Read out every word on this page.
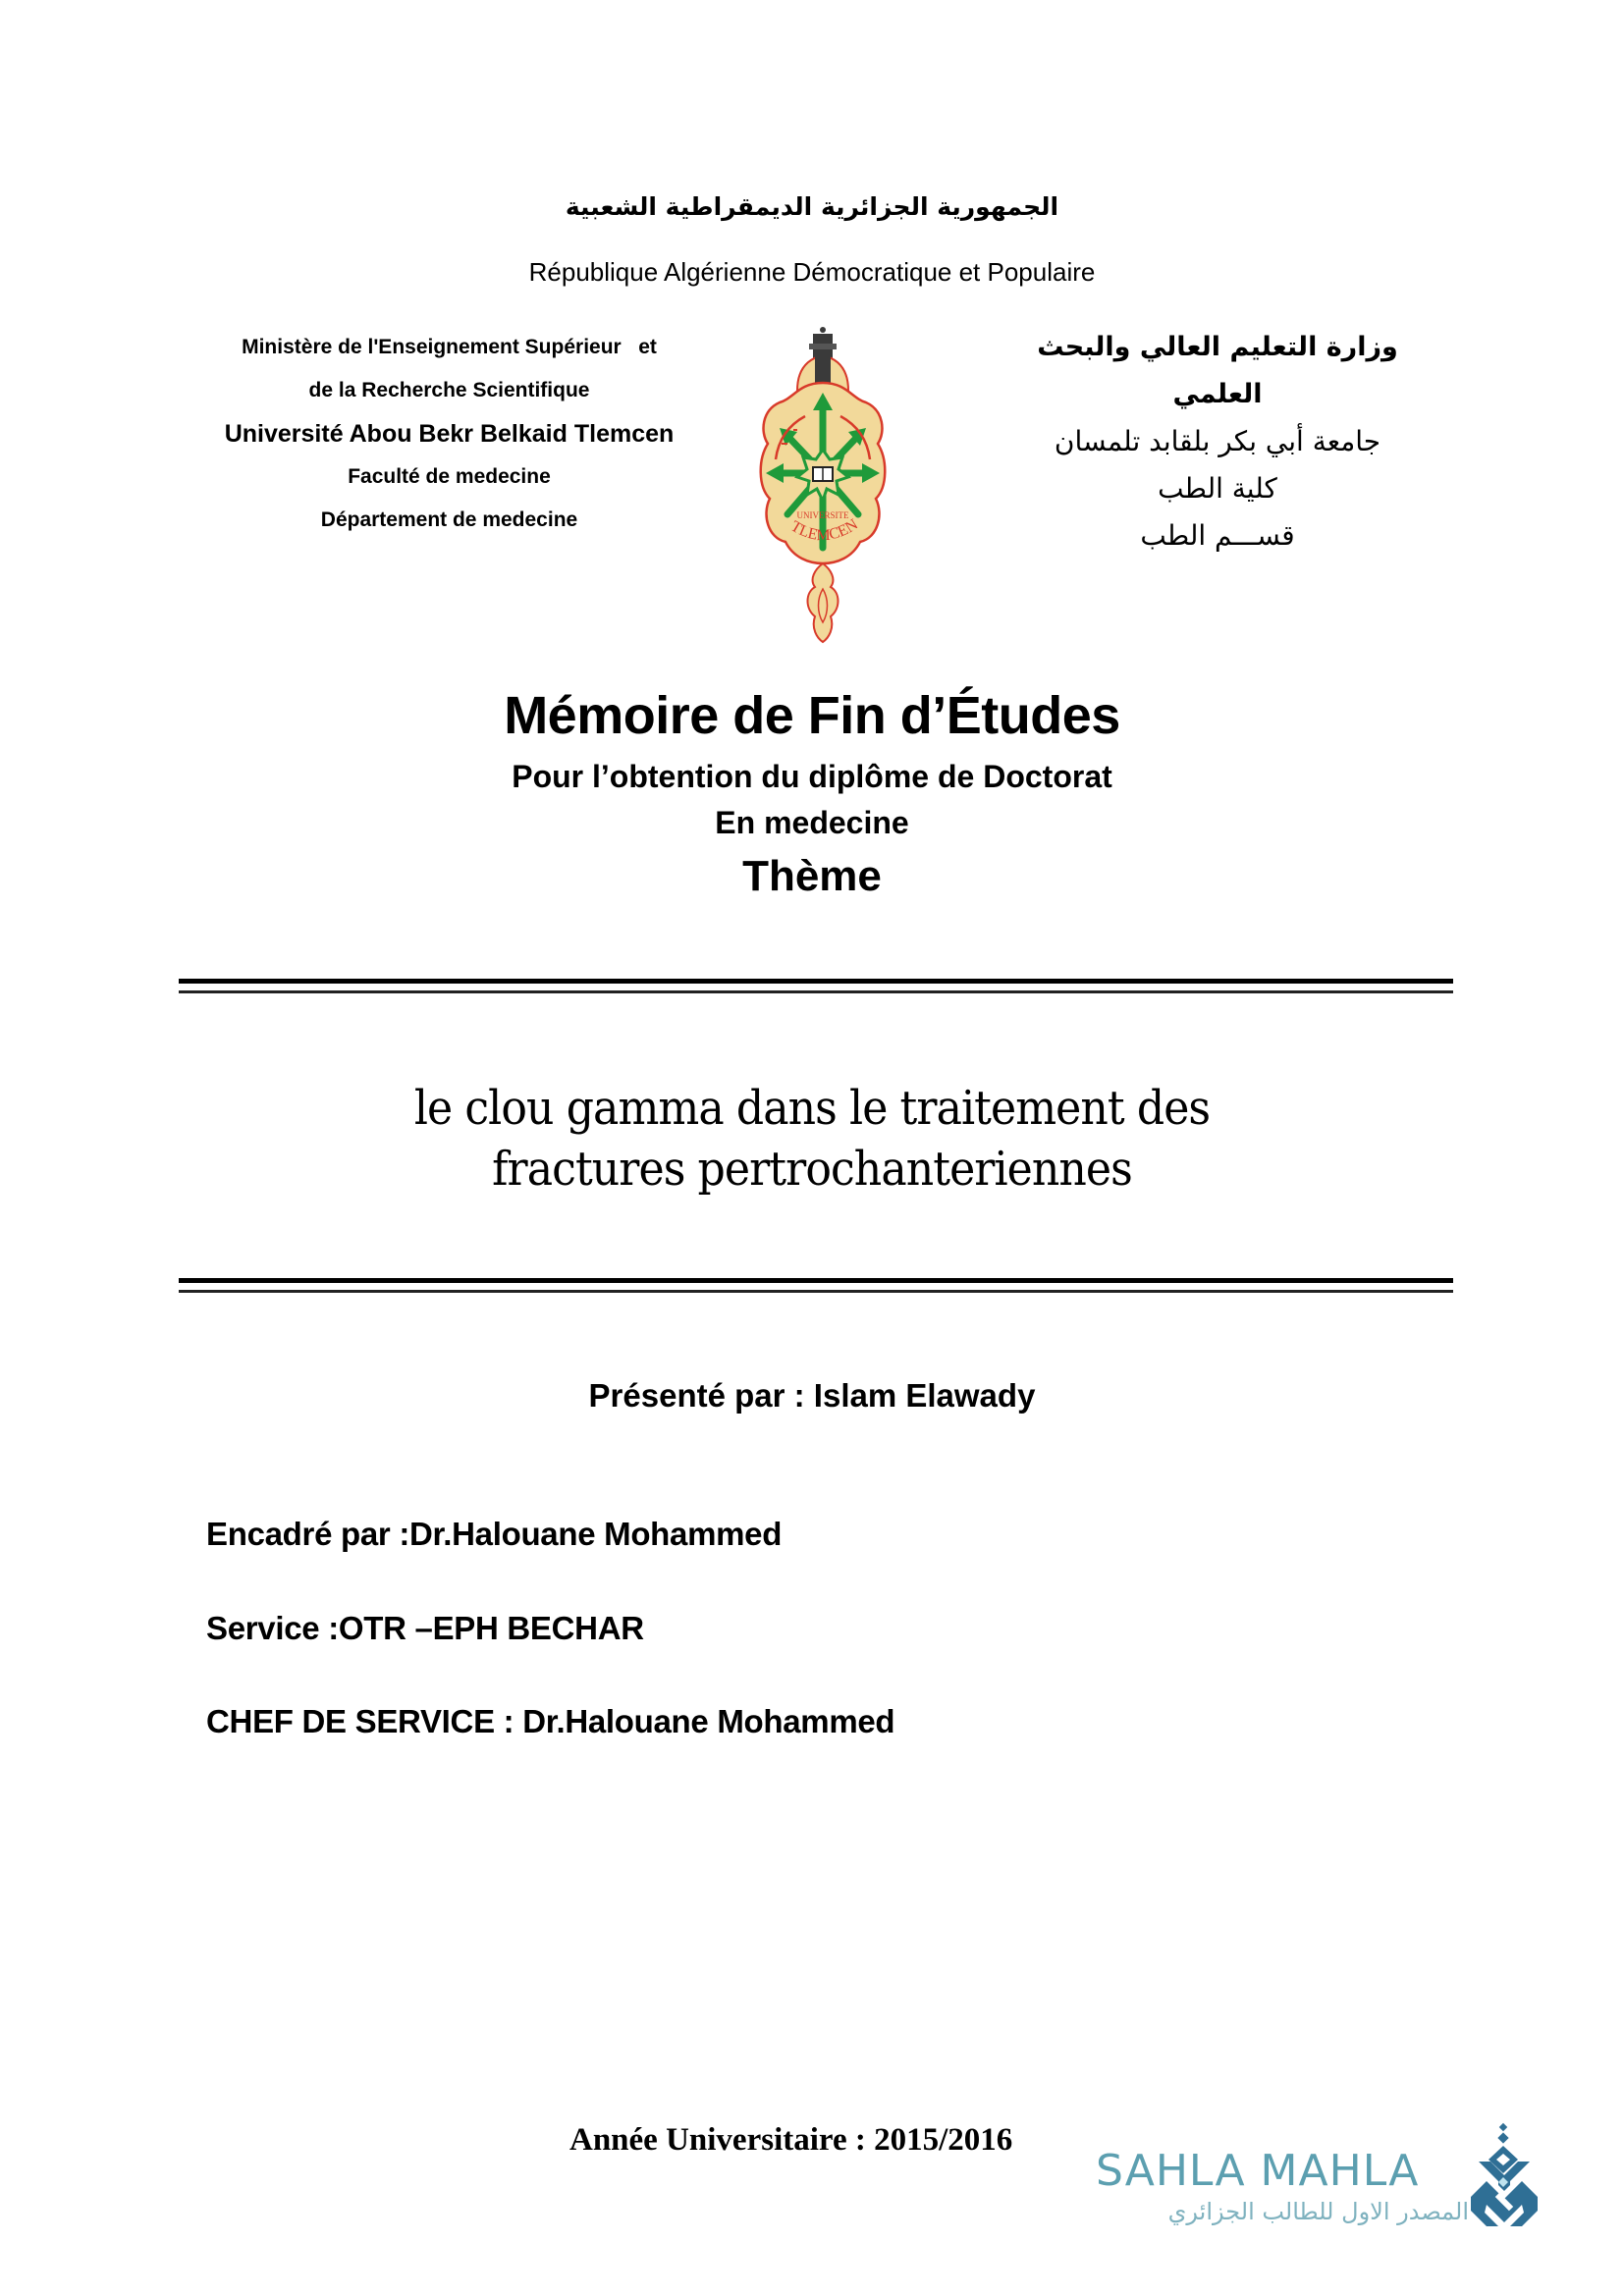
الجمهورية الجزائرية الديمقراطية الشعبية
République Algérienne Démocratique et Populaire
Ministère de l'Enseignement Supérieur   et
de la Recherche Scientifique
Université Abou Bekr Belkaid Tlemcen
Faculté de medecine
Département de medecine	UNIVERSITE
TLEMCEN
وزارة التعليم العالي والبحث العلمي
جامعة أبي بكر بلقابد تلمسان
كلية الطب
قســـم الطب
Mémoire de Fin d’Études
Pour l’obtention du diplôme de Doctorat
En medecine
Thème
le clou gamma dans le traitement des
fractures pertrochanteriennes
Présenté par : Islam Elawady
Encadré par :Dr.Halouane Mohammed
Service :OTR –EPH BECHAR
CHEF DE SERVICE : Dr.Halouane Mohammed
Année Universitaire : 2015/2016
SAHLA MAHLA
المصدر الاول للطالب الجزائري
